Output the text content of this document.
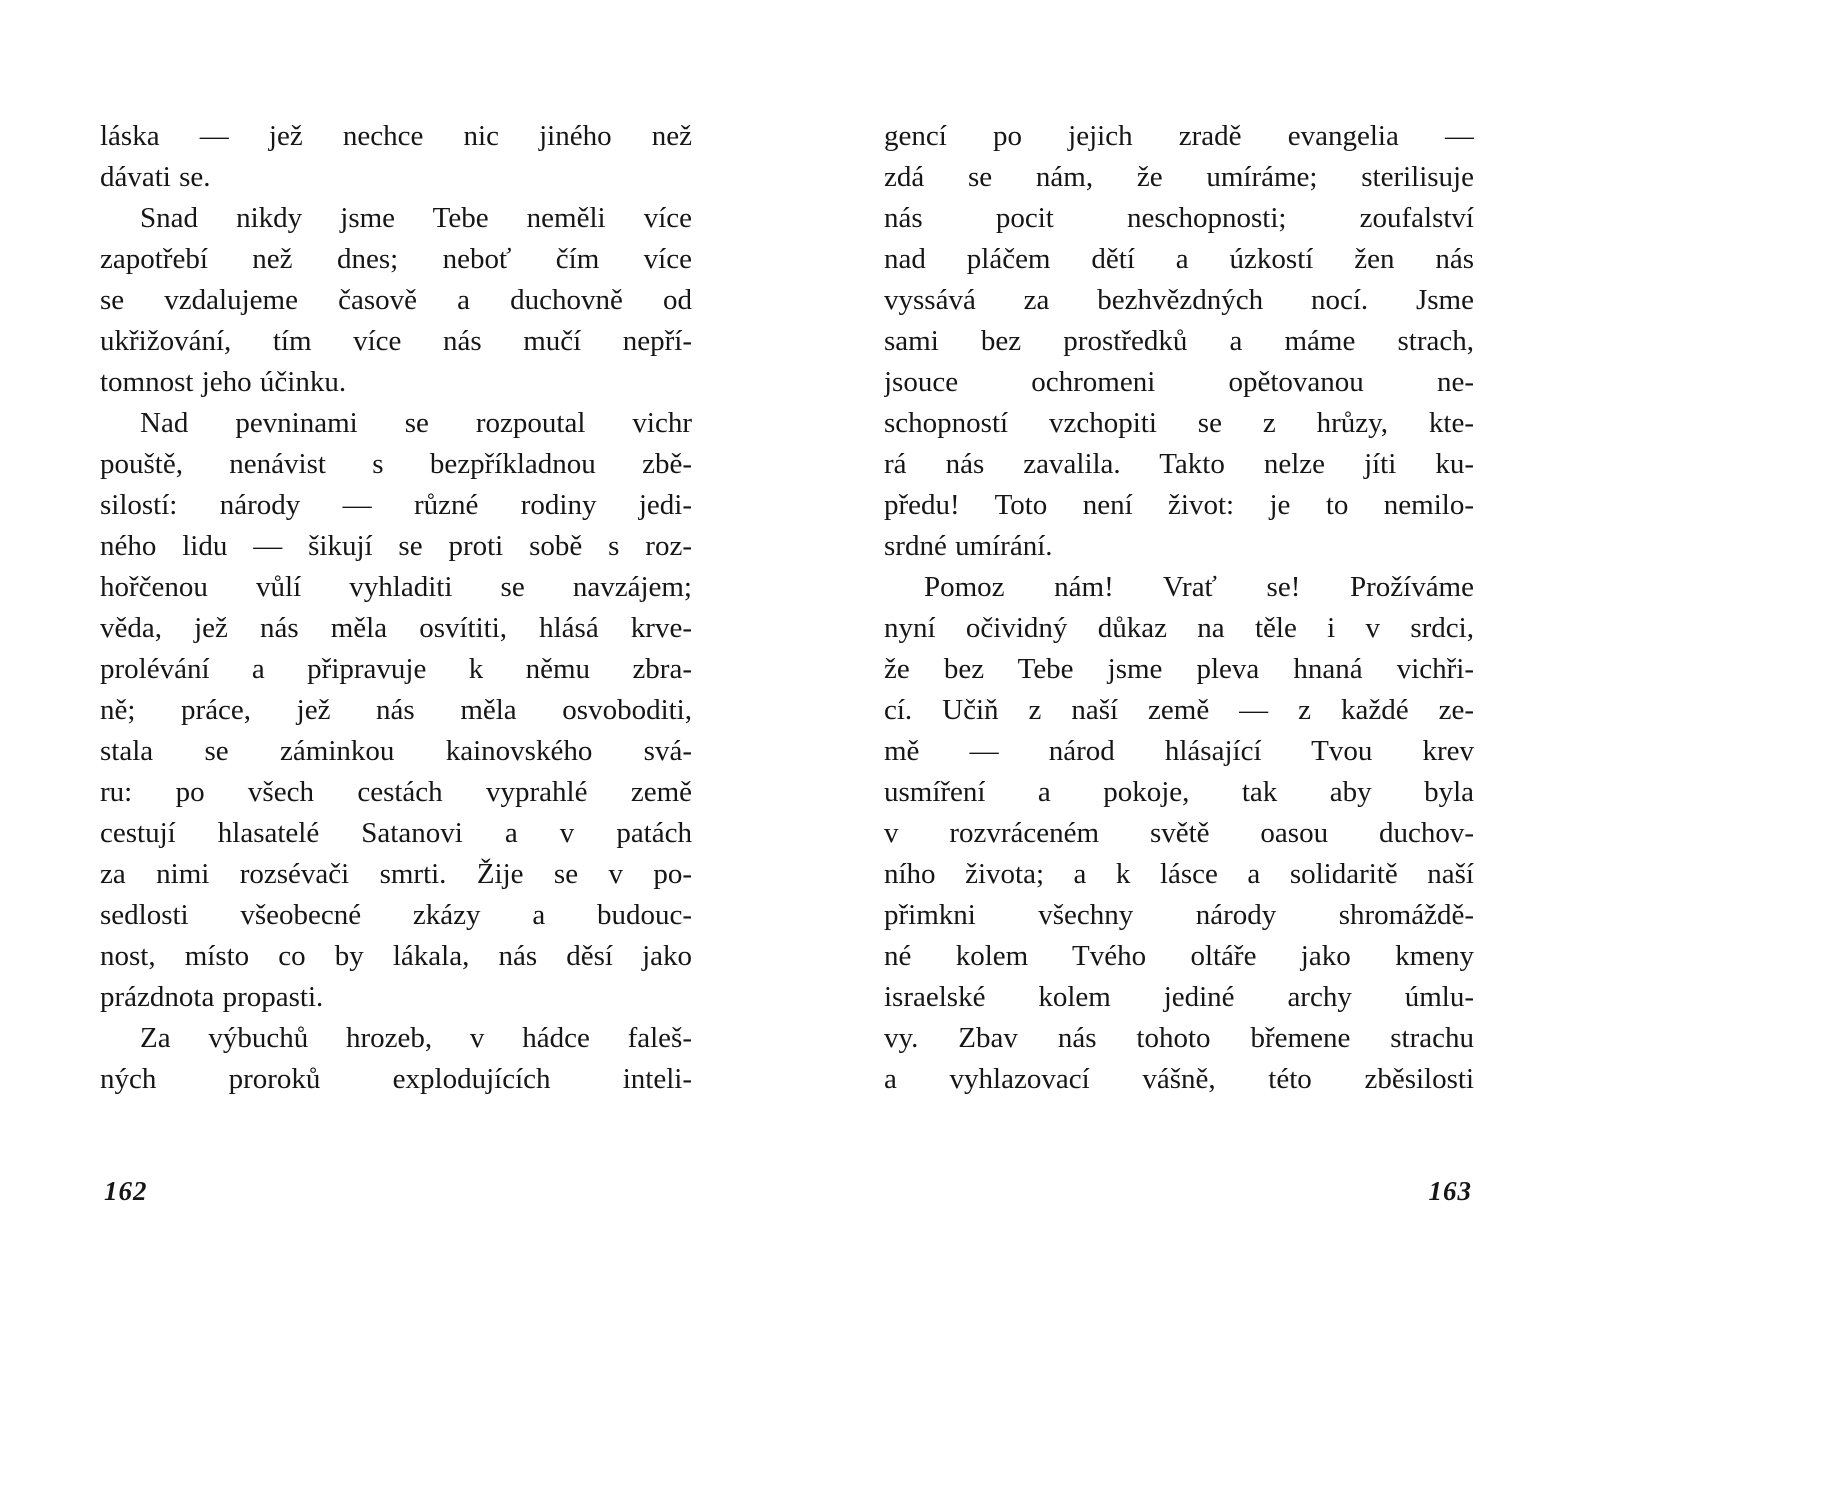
láska — jež nechce nic jiného než
dávati se.
Snad nikdy jsme Tebe neměli více
zapotřebí než dnes; neboť čím více
se vzdalujeme časově a duchovně od
ukřižování, tím více nás mučí nepří-
tomnost jeho účinku.
Nad pevninami se rozpoutal vichr
pouště, nenávist s bezpříkladnou zbě-
silostí: národy — různé rodiny jedi-
ného lidu — šikují se proti sobě s roz-
hořčenou vůlí vyhladiti se navzájem;
věda, jež nás měla osvítiti, hlásá krve-
prolévání a připravuje k němu zbra-
ně; práce, jež nás měla osvoboditi,
stala se záminkou kainovského svá-
ru: po všech cestách vyprahlé země
cestují hlasatelé Satanovi a v patách
za nimi rozsévači smrti. Žije se v po-
sedlosti všeobecné zkázy a budouc-
nost, místo co by lákala, nás děsí jako
prázdnota propasti.
Za výbuchů hrozeb, v hádce faleš-
ných proroků explodujících inteli-
162
gencí po jejich zradě evangelia —
zdá se nám, že umíráme; sterilisuje
nás pocit neschopnosti; zoufalství
nad pláčem dětí a úzkostí žen nás
vyssává za bezhvězdných nocí. Jsme
sami bez prostředků a máme strach,
jsouce ochromeni opětovanou ne-
schopností vzchopiti se z hrůzy, kte-
rá nás zavalila. Takto nelze jíti ku-
předu! Toto není život: je to nemilo-
srdné umírání.
Pomoz nám! Vrať se! Prožíváme
nyní očividný důkaz na těle i v srdci,
že bez Tebe jsme pleva hnaná vichři-
cí. Učiň z naší země — z každé ze-
mě — národ hlásající Tvou krev
usmíření a pokoje, tak aby byla
v rozvráceném světě oasou duchov-
ního života; a k lásce a solidaritě naší
přimkni všechny národy shromáždě-
né kolem Tvého oltáře jako kmeny
israelské kolem jediné archy úmlu-
vy. Zbav nás tohoto břemene strachu
a vyhlazovací vášně, této zběsilosti
163
